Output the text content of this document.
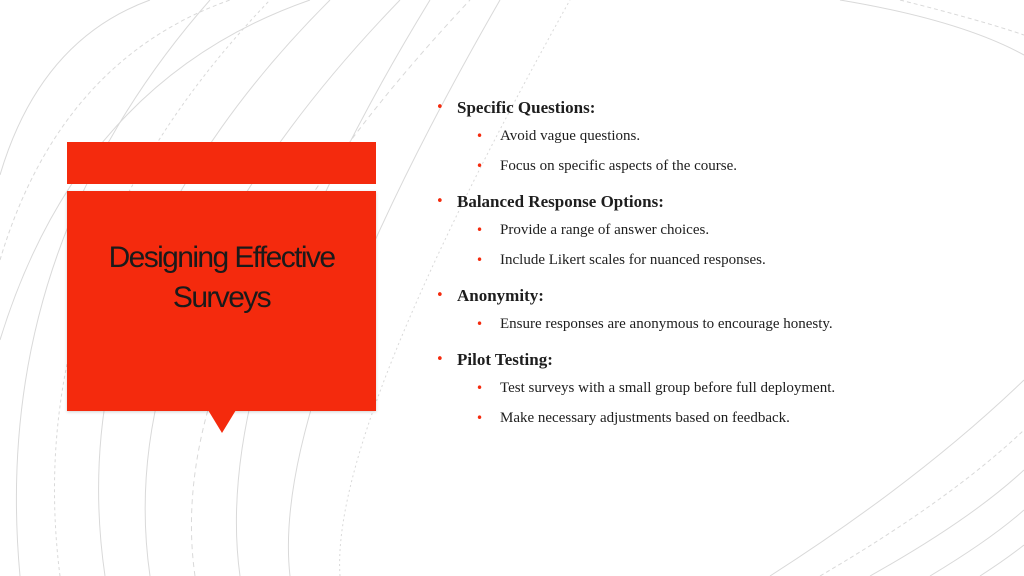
Designing Effective
Surveys
• Specific Questions:
• Avoid vague questions.
• Focus on specific aspects of the course.
• Balanced Response Options:
• Provide a range of answer choices.
• Include Likert scales for nuanced responses.
• Anonymity:
• Ensure responses are anonymous to encourage honesty.
• Pilot Testing:
• Test surveys with a small group before full deployment.
• Make necessary adjustments based on feedback.
